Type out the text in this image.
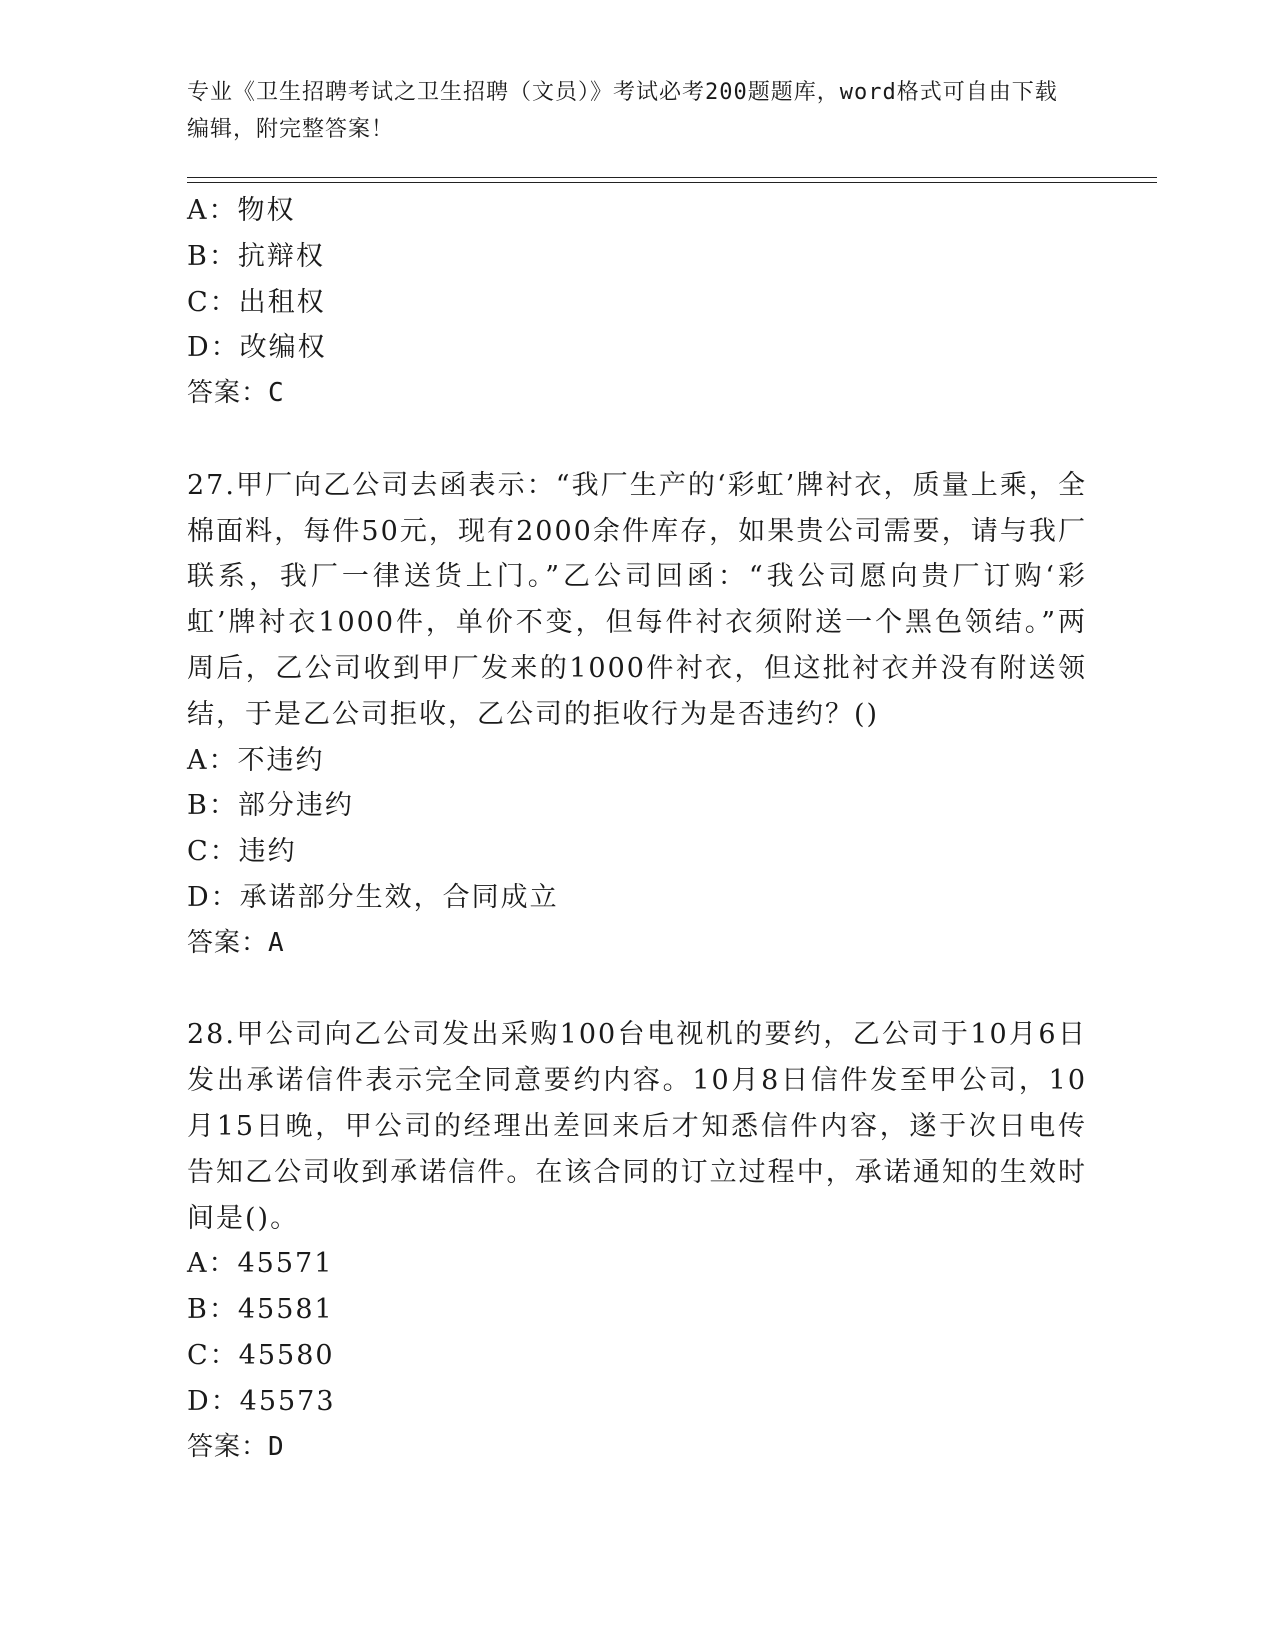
专业《卫生招聘考试之卫生招聘（文员）》考试必考200题题库，word格式可自由下载编辑，附完整答案！

A：物权

B：抗辩权

C：出租权

D：改编权

答案：C

27.甲厂向乙公司去函表示：“我厂生产的‘彩虹’牌衬衣，质量上乘，全棉面料，每件50元，现有2000余件库存，如果贵公司需要，请与我厂联系，我厂一律送货上门。”乙公司回函：“我公司愿向贵厂订购‘彩虹’牌衬衣1000件，单价不变，但每件衬衣须附送一个黑色领结。”两周后，乙公司收到甲厂发来的1000件衬衣，但这批衬衣并没有附送领结，于是乙公司拒收，乙公司的拒收行为是否违约？()

A：不违约

B：部分违约

C：违约

D：承诺部分生效，合同成立

答案：A

28.甲公司向乙公司发出采购100台电视机的要约，乙公司于10月6日发出承诺信件表示完全同意要约内容。10月8日信件发至甲公司，10月15日晚，甲公司的经理出差回来后才知悉信件内容，遂于次日电传告知乙公司收到承诺信件。在该合同的订立过程中，承诺通知的生效时间是()。

A：45571

B：45581

C：45580

D：45573

答案：D
